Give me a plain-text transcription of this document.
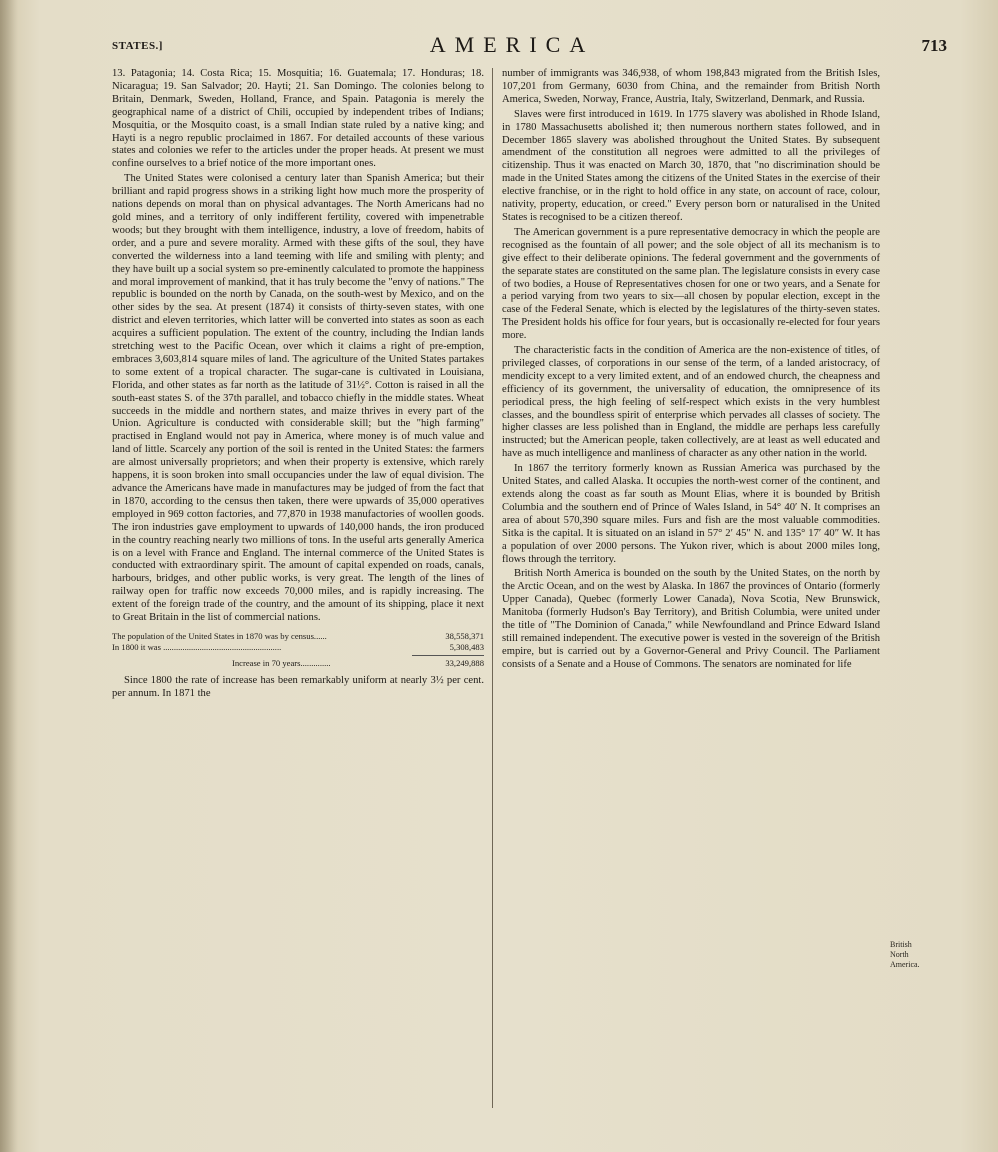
STATES.]	AMERICA	713

13. Patagonia; 14. Costa Rica; 15. Mosquitia; 16. Guatemala; 17. Honduras; 18. Nicaragua; 19. San Salvador; 20. Hayti; 21. San Domingo. The colonies belong to Britain, Denmark, Sweden, Holland, France, and Spain. Patagonia is merely the geographical name of a district of Chili, occupied by independent tribes of Indians; Mosquitia, or the Mosquito coast, is a small Indian state ruled by a native king; and Hayti is a negro republic proclaimed in 1867. For detailed accounts of these various states and colonies we refer to the articles under the proper heads. At present we must confine ourselves to a brief notice of the more important ones.

The United States were colonised a century later than Spanish America; but their brilliant and rapid progress shows in a striking light how much more the prosperity of nations depends on moral than on physical advantages. The North Americans had no gold mines, and a territory of only indifferent fertility, covered with impenetrable woods; but they brought with them intelligence, industry, a love of freedom, habits of order, and a pure and severe morality. Armed with these gifts of the soul, they have converted the wilderness into a land teeming with life and smiling with plenty; and they have built up a social system so pre-eminently calculated to promote the happiness and moral improvement of mankind, that it has truly become the "envy of nations." The republic is bounded on the north by Canada, on the south-west by Mexico, and on the other sides by the sea. At present (1874) it consists of thirty-seven states, with one district and eleven territories, which latter will be converted into states as soon as each acquires a sufficient population. The extent of the country, including the Indian lands stretching west to the Pacific Ocean, over which it claims a right of pre-emption, embraces 3,603,814 square miles of land. The agriculture of the United States partakes to some extent of a tropical character. The sugar-cane is cultivated in Louisiana, Florida, and other states as far north as the latitude of 31½°. Cotton is raised in all the south-east states S. of the 37th parallel, and tobacco chiefly in the middle states. Wheat succeeds in the middle and northern states, and maize thrives in every part of the Union. Agriculture is conducted with considerable skill; but the "high farming" practised in England would not pay in America, where money is of much value and land of little. Scarcely any portion of the soil is rented in the United States: the farmers are almost universally proprietors; and when their property is extensive, which rarely happens, it is soon broken into small occupancies under the law of equal division. The advance the Americans have made in manufactures may be judged of from the fact that in 1870, according to the census then taken, there were upwards of 35,000 operatives employed in 969 cotton factories, and 77,870 in 1938 manufactories of woollen goods. The iron industries gave employment to upwards of 140,000 hands, the iron produced in the country reaching nearly two millions of tons. In the useful arts generally America is on a level with France and England. The internal commerce of the United States is conducted with extraordinary spirit. The amount of capital expended on roads, canals, harbours, bridges, and other public works, is very great. The length of the lines of railway open for traffic now exceeds 70,000 miles, and is rapidly increasing. The extent of the foreign trade of the country, and the amount of its shipping, place it next to Great Britain in the list of commercial nations.

The population of the United States in 1870 was by census......	38,558,371
In 1800 it was .......................................................	5,308,483
Increase in 70 years..............	33,249,888

Since 1800 the rate of increase has been remarkably uniform at nearly 3½ per cent. per annum. In 1871 the

number of immigrants was 346,938, of whom 198,843 migrated from the British Isles, 107,201 from Germany, 6030 from China, and the remainder from British North America, Sweden, Norway, France, Austria, Italy, Switzerland, Denmark, and Russia.

Slaves were first introduced in 1619. In 1775 slavery was abolished in Rhode Island, in 1780 Massachusetts abolished it; then numerous northern states followed, and in December 1865 slavery was abolished throughout the United States. By subsequent amendment of the constitution all negroes were admitted to all the privileges of citizenship. Thus it was enacted on March 30, 1870, that "no discrimination should be made in the United States among the citizens of the United States in the exercise of their elective franchise, or in the right to hold office in any state, on account of race, colour, nativity, property, education, or creed." Every person born or naturalised in the United States is recognised to be a citizen thereof.

The American government is a pure representative democracy in which the people are recognised as the fountain of all power; and the sole object of all its mechanism is to give effect to their deliberate opinions. The federal government and the governments of the separate states are constituted on the same plan. The legislature consists in every case of two bodies, a House of Representatives chosen for one or two years, and a Senate for a period varying from two years to six—all chosen by popular election, except in the case of the Federal Senate, which is elected by the legislatures of the thirty-seven states. The President holds his office for four years, but is occasionally re-elected for four years more.

The characteristic facts in the condition of America are the non-existence of titles, of privileged classes, of corporations in our sense of the term, of a landed aristocracy, of mendicity except to a very limited extent, and of an endowed church, the cheapness and efficiency of its government, the universality of education, the omnipresence of its periodical press, the high feeling of self-respect which exists in the very humblest classes, and the boundless spirit of enterprise which pervades all classes of society. The higher classes are less polished than in England, the middle are perhaps less carefully instructed; but the American people, taken collectively, are at least as well educated and have as much intelligence and manliness of character as any other nation in the world.

In 1867 the territory formerly known as Russian America was purchased by the United States, and called Alaska. It occupies the north-west corner of the continent, and extends along the coast as far south as Mount Elias, where it is bounded by British Columbia and the southern end of Prince of Wales Island, in 54° 40′ N. It comprises an area of about 570,390 square miles. Furs and fish are the most valuable commodities. Sitka is the capital. It is situated on an island in 57° 2′ 45″ N. and 135° 17′ 40″ W. It has a population of over 2000 persons. The Yukon river, which is about 2000 miles long, flows through the territory.

British North America is bounded on the south by the United States, on the north by the Arctic Ocean, and on the west by Alaska. In 1867 the provinces of Ontario (formerly Upper Canada), Quebec (formerly Lower Canada), Nova Scotia, New Brunswick, Manitoba (formerly Hudson's Bay Territory), and British Columbia, were united under the title of "The Dominion of Canada," while Newfoundland and Prince Edward Island still remained independent. The executive power is vested in the sovereign of the British empire, but is carried out by a Governor-General and Privy Council. The Parliament consists of a Senate and a House of Commons. The senators are nominated for life

British
North
America.
